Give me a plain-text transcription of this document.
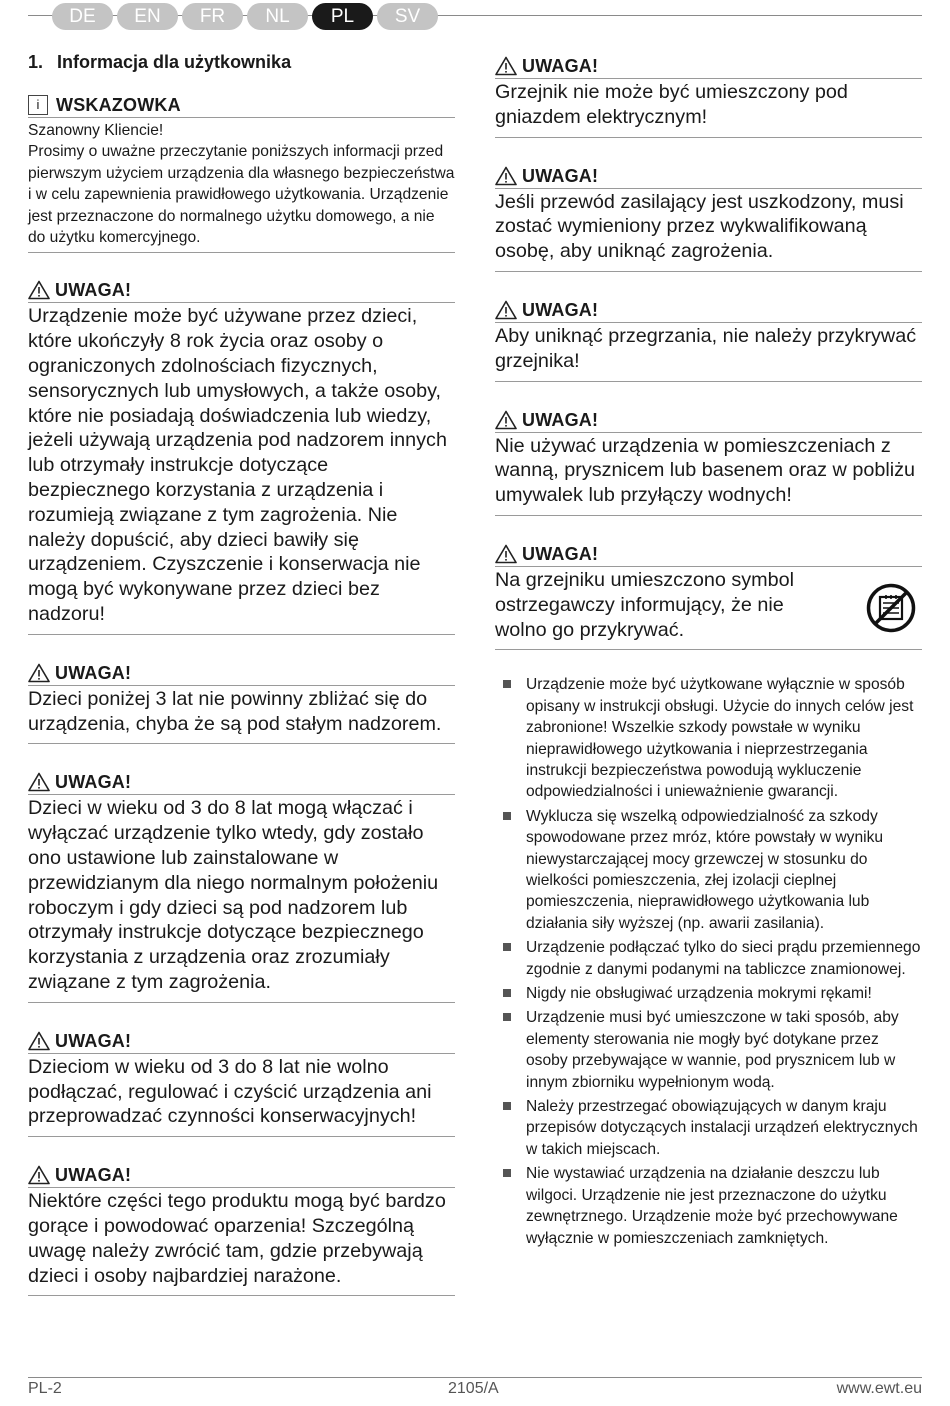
DE	EN	FR	NL	PL	SV
1. Informacja dla użytkownika
i WSKAZOWKA
Szanowny Kliencie!
Prosimy o uważne przeczytanie poniższych informacji przed pierwszym użyciem urządzenia dla własnego bezpieczeństwa i w celu zapewnienia prawidłowego użytkowania. Urządzenie jest przeznaczone do normalnego użytku domowego, a nie do użytku komercyjnego.
UWAGA!
Urządzenie może być używane przez dzieci, które ukończyły 8 rok życia oraz osoby o ograniczonych zdolnościach fizycznych, sensorycznych lub umysłowych, a także osoby, które nie posiadają doświadczenia lub wiedzy, jeżeli używają urządzenia pod nadzorem innych lub otrzymały instrukcje dotyczące bezpiecznego korzystania z urządzenia i rozumieją związane z tym zagrożenia. Nie należy dopuścić, aby dzieci bawiły się urządzeniem. Czyszczenie i konserwacja nie mogą być wykonywane przez dzieci bez nadzoru!
UWAGA!
Dzieci poniżej 3 lat nie powinny zbliżać się do urządzenia, chyba że są pod stałym nadzorem.
UWAGA!
Dzieci w wieku od 3 do 8 lat mogą włączać i wyłączać urządzenie tylko wtedy, gdy zostało ono ustawione lub zainstalowane w przewidzianym dla niego normalnym położeniu roboczym i gdy dzieci są pod nadzorem lub otrzymały instrukcje dotyczące bezpiecznego korzystania z urządzenia oraz zrozumiały związane z tym zagrożenia.
UWAGA!
Dzieciom w wieku od 3 do 8 lat nie wolno podłączać, regulować i czyścić urządzenia ani przeprowadzać czynności konserwacyjnych!
UWAGA!
Niektóre części tego produktu mogą być bardzo gorące i powodować oparzenia! Szczególną uwagę należy zwrócić tam, gdzie przebywają dzieci i osoby najbardziej narażone.
UWAGA!
Grzejnik nie może być umieszczony pod gniazdem elektrycznym!
UWAGA!
Jeśli przewód zasilający jest uszkodzony, musi zostać wymieniony przez wykwalifikowaną osobę, aby uniknąć zagrożenia.
UWAGA!
Aby uniknąć przegrzania, nie należy przykrywać grzejnika!
UWAGA!
Nie używać urządzenia w pomieszczeniach z wanną, prysznicem lub basenem oraz w pobliżu umywalek lub przyłączy wodnych!
UWAGA!
Na grzejniku umieszczono symbol ostrzegawczy informujący, że nie wolno go przykrywać.
Urządzenie może być użytkowane wyłącznie w sposób opisany w instrukcji obsługi. Użycie do innych celów jest zabronione! Wszelkie szkody powstałe w wyniku nieprawidłowego użytkowania i nieprzestrzegania instrukcji bezpieczeństwa powodują wykluczenie odpowiedzialności i unieważnienie gwarancji.
Wyklucza się wszelką odpowiedzialność za szkody spowodowane przez mróz, które powstały w wyniku niewystarczającej mocy grzewczej w stosunku do wielkości pomieszczenia, złej izolacji cieplnej pomieszczenia, nieprawidłowego użytkowania lub działania siły wyższej (np. awarii zasilania).
Urządzenie podłączać tylko do sieci prądu przemiennego zgodnie z danymi podanymi na tabliczce znamionowej.
Nigdy nie obsługiwać urządzenia mokrymi rękami!
Urządzenie musi być umieszczone w taki sposób, aby elementy sterowania nie mogły być dotykane przez osoby przebywające w wannie, pod prysznicem lub w innym zbiorniku wypełnionym wodą.
Należy przestrzegać obowiązujących w danym kraju przepisów dotyczących instalacji urządzeń elektrycznych w takich miejscach.
Nie wystawiać urządzenia na działanie deszczu lub wilgoci. Urządzenie nie jest przeznaczone do użytku zewnętrznego. Urządzenie może być przechowywane wyłącznie w pomieszczeniach zamkniętych.
PL-2	2105/A	www.ewt.eu
